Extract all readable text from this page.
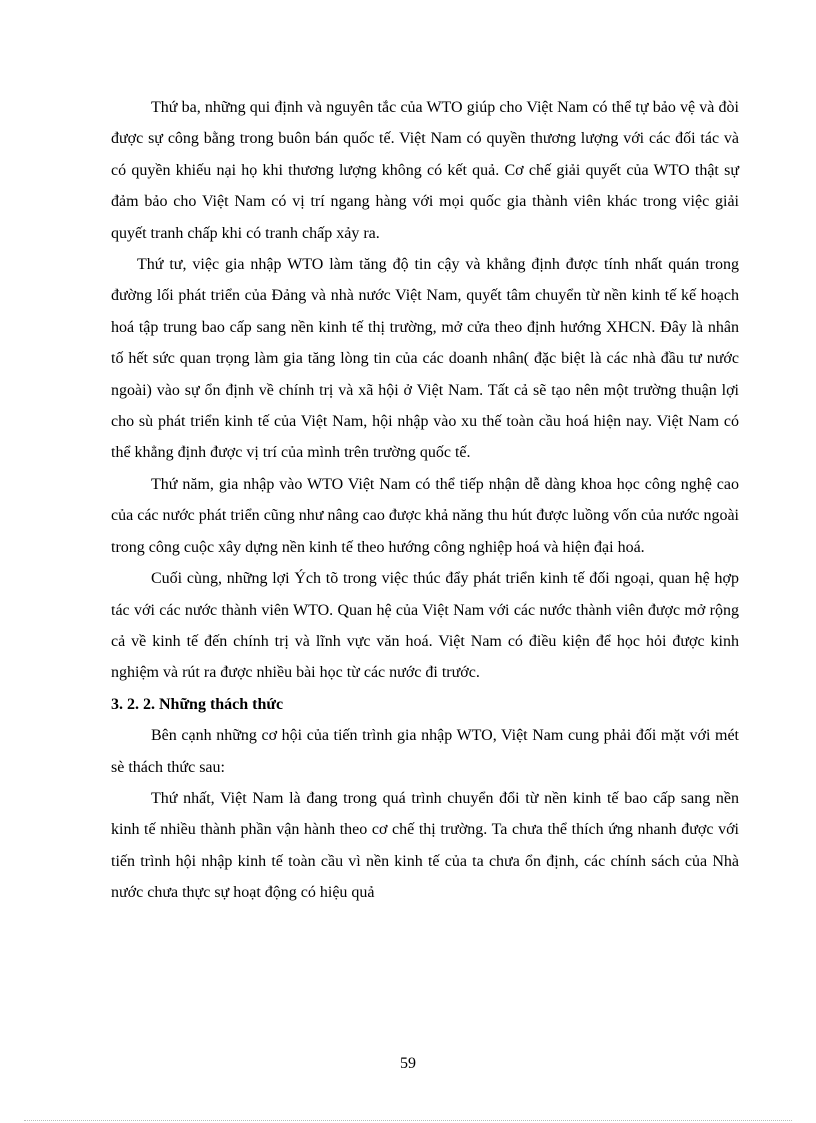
Thứ ba, những qui định và nguyên tắc của WTO giúp cho Việt Nam có thể tự bảo vệ và đòi được sự công bằng trong buôn bán quốc tế. Việt Nam có quyền thương lượng với các đối tác và có quyền khiếu nại họ khi thương lượng không có kết quả. Cơ chế giải quyết của WTO thật sự đảm bảo cho Việt Nam có vị trí ngang hàng với mọi quốc gia thành viên khác trong việc giải quyết tranh chấp khi có tranh chấp xảy ra.

Thứ tư, việc gia nhập WTO làm tăng độ tin cậy và khẳng định được tính nhất quán trong đường lối phát triển của Đảng và nhà nước Việt Nam, quyết tâm chuyển từ nền kinh tế kế hoạch hoá tập trung bao cấp sang nền kinh tế thị trường, mở cửa theo định hướng XHCN. Đây là nhân tố hết sức quan trọng làm gia tăng lòng tin của các doanh nhân( đặc biệt là các nhà đầu tư nước ngoài) vào sự ổn định về chính trị và xã hội ở Việt Nam. Tất cả sẽ tạo nên một trường thuận lợi cho sù phát triển kinh tế của Việt Nam, hội nhập vào xu thế toàn cầu hoá hiện nay. Việt Nam có thể khẳng định được vị trí của mình trên trường quốc tế.

Thứ năm, gia nhập vào WTO Việt Nam có thể tiếp nhận dễ dàng khoa học công nghệ cao của các nước phát triển cũng như nâng cao được khả năng thu hút được luồng vốn của nước ngoài trong công cuộc xây dựng nền kinh tế theo hướng công nghiệp hoá và hiện đại hoá.

Cuối cùng, những lợi Ých tõ trong việc thúc đẩy phát triển kinh tế đối ngoại, quan hệ hợp tác với các nước thành viên WTO. Quan hệ của Việt Nam với các nước thành viên được mở rộng cả về kinh tế đến chính trị và lĩnh vực văn hoá. Việt Nam có điều kiện để học hỏi được kinh nghiệm và rút ra được nhiều bài học từ các nước đi trước.

3. 2. 2. Những thách thức

Bên cạnh những cơ hội của tiến trình gia nhập WTO, Việt Nam cung phải đối mặt với mét sè thách thức sau:

Thứ nhất, Việt Nam là đang trong quá trình chuyển đổi từ nền kinh tế bao cấp sang nền kinh tế nhiều thành phần vận hành theo cơ chế thị trường. Ta chưa thể thích ứng nhanh được với tiến trình hội nhập kinh tế toàn cầu vì nền kinh tế của ta chưa ổn định, các chính sách của Nhà nước chưa thực sự hoạt động có hiệu quả

59
